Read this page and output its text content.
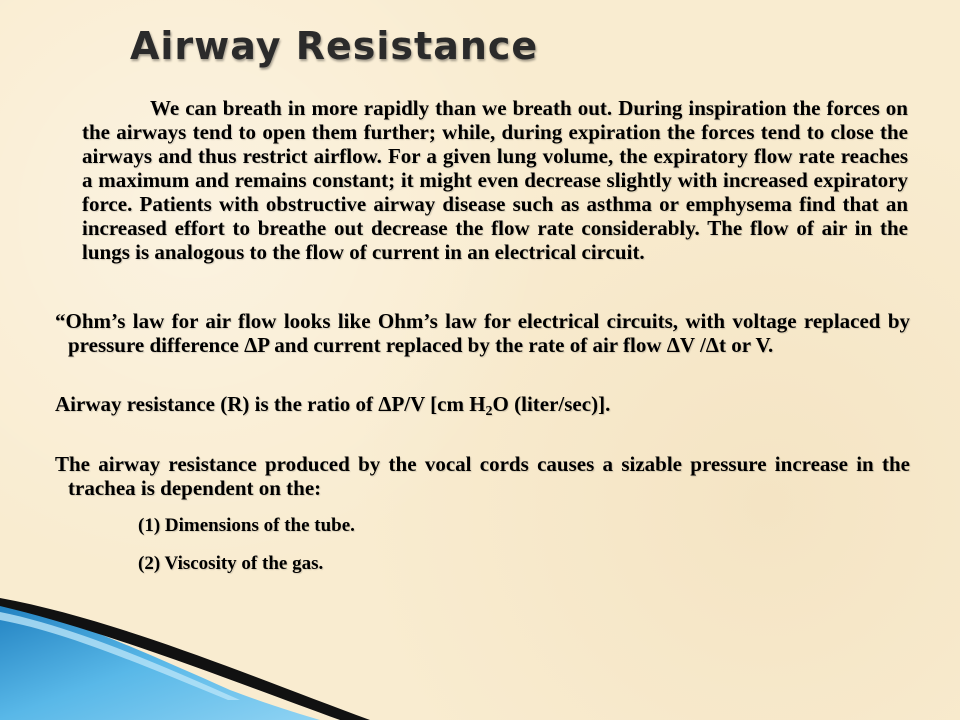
Airway Resistance

We can breath in more rapidly than we breath out. During inspiration the forces on the airways tend to open them further; while, during expiration the forces tend to close the airways and thus restrict airflow. For a given lung volume, the expiratory flow rate reaches a maximum and remains constant; it might even decrease slightly with increased expiratory force. Patients with obstructive airway disease such as asthma or emphysema find that an increased effort to breathe out decrease the flow rate considerably. The flow of air in the lungs is analogous to the flow of current in an electrical circuit.

“Ohm’s law for air flow looks like Ohm’s law for electrical circuits, with voltage replaced by pressure difference ΔP and current replaced by the rate of air flow ΔV /Δt or V.

Airway resistance (R) is the ratio of ΔP/V [cm $H_2O$ (liter/sec)].

The airway resistance produced by the vocal cords causes a sizable pressure increase in the trachea is dependent on the:

(1) Dimensions of the tube.

(2) Viscosity of the gas.
